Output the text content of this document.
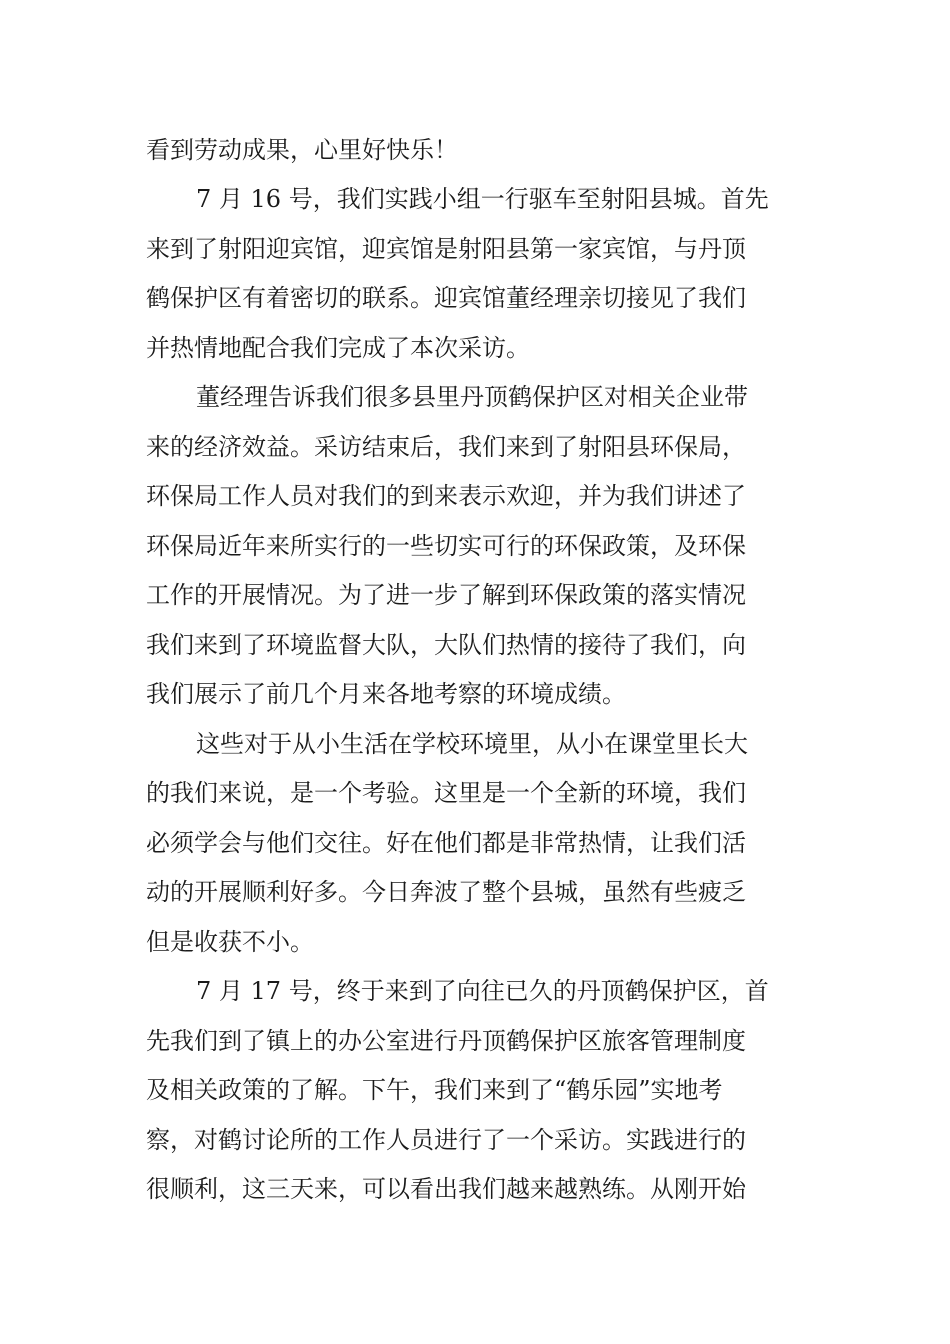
看到劳动成果，心里好快乐！
7 月 16 号，我们实践小组一行驱车至射阳县城。首先
来到了射阳迎宾馆，迎宾馆是射阳县第一家宾馆，与丹顶
鹤保护区有着密切的联系。迎宾馆董经理亲切接见了我们
并热情地配合我们完成了本次采访。
董经理告诉我们很多县里丹顶鹤保护区对相关企业带
来的经济效益。采访结束后，我们来到了射阳县环保局，
环保局工作人员对我们的到来表示欢迎，并为我们讲述了
环保局近年来所实行的一些切实可行的环保政策，及环保
工作的开展情况。为了进一步了解到环保政策的落实情况
我们来到了环境监督大队，大队们热情的接待了我们，向
我们展示了前几个月来各地考察的环境成绩。
这些对于从小生活在学校环境里，从小在课堂里长大
的我们来说，是一个考验。这里是一个全新的环境，我们
必须学会与他们交往。好在他们都是非常热情，让我们活
动的开展顺利好多。今日奔波了整个县城，虽然有些疲乏
但是收获不小。
7 月 17 号，终于来到了向往已久的丹顶鹤保护区，首
先我们到了镇上的办公室进行丹顶鹤保护区旅客管理制度
及相关政策的了解。下午，我们来到了“鹤乐园”实地考
察，对鹤讨论所的工作人员进行了一个采访。实践进行的
很顺利，这三天来，可以看出我们越来越熟练。从刚开始
